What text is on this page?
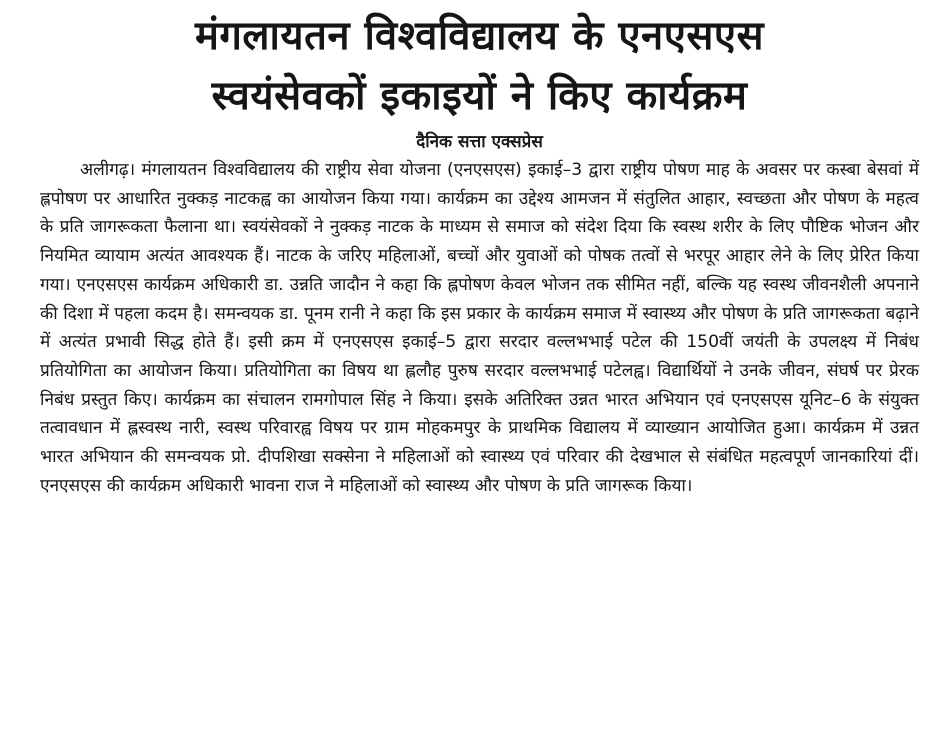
मंगलायतन विश्वविद्यालय के एनएसएस
स्वयंसेवकों इकाइयों ने किए कार्यक्रम
दैनिक सत्ता एक्सप्रेस

अलीगढ़। मंगलायतन विश्वविद्यालय की राष्ट्रीय सेवा योजना (एनएसएस) इकाई–3 द्वारा राष्ट्रीय पोषण माह के अवसर पर कस्बा बेसवां में ह्लपोषण पर आधारित नुक्कड़ नाटकह्व का आयोजन किया गया। कार्यक्रम का उद्देश्य आमजन में संतुलित आहार, स्वच्छता और पोषण के महत्व के प्रति जागरूकता फैलाना था। स्वयंसेवकों ने नुक्कड़ नाटक के माध्यम से समाज को संदेश दिया कि स्वस्थ शरीर के लिए पौष्टिक भोजन और नियमित व्यायाम अत्यंत आवश्यक हैं। नाटक के जरिए महिलाओं, बच्चों और युवाओं को पोषक तत्वों से भरपूर आहार लेने के लिए प्रेरित किया गया। एनएसएस कार्यक्रम अधिकारी डा. उन्नति जादौन ने कहा कि ह्लपोषण केवल भोजन तक सीमित नहीं, बल्कि यह स्वस्थ जीवनशैली अपनाने की दिशा में पहला कदम है। समन्वयक डा. पूनम रानी ने कहा कि इस प्रकार के कार्यक्रम समाज में स्वास्थ्य और पोषण के प्रति जागरूकता बढ़ाने में अत्यंत प्रभावी सिद्ध होते हैं। इसी क्रम में एनएसएस इकाई–5 द्वारा सरदार वल्लभभाई पटेल की 150वीं जयंती के उपलक्ष्य में निबंध प्रतियोगिता का आयोजन किया। प्रतियोगिता का विषय था ह्ललौह पुरुष सरदार वल्लभभाई पटेलह्व। विद्यार्थियों ने उनके जीवन, संघर्ष पर प्रेरक निबंध प्रस्तुत किए। कार्यक्रम का संचालन रामगोपाल सिंह ने किया। इसके अतिरिक्त उन्नत भारत अभियान एवं एनएसएस यूनिट–6 के संयुक्त तत्वावधान में ह्लस्वस्थ नारी, स्वस्थ परिवारह्व विषय पर ग्राम मोहकमपुर के प्राथमिक विद्यालय में व्याख्यान आयोजित हुआ। कार्यक्रम में उन्नत भारत अभियान की समन्वयक प्रो. दीपशिखा सक्सेना ने महिलाओं को स्वास्थ्य एवं परिवार की देखभाल से संबंधित महत्वपूर्ण जानकारियां दीं। एनएसएस की कार्यक्रम अधिकारी भावना राज ने महिलाओं को स्वास्थ्य और पोषण के प्रति जागरूक किया।
